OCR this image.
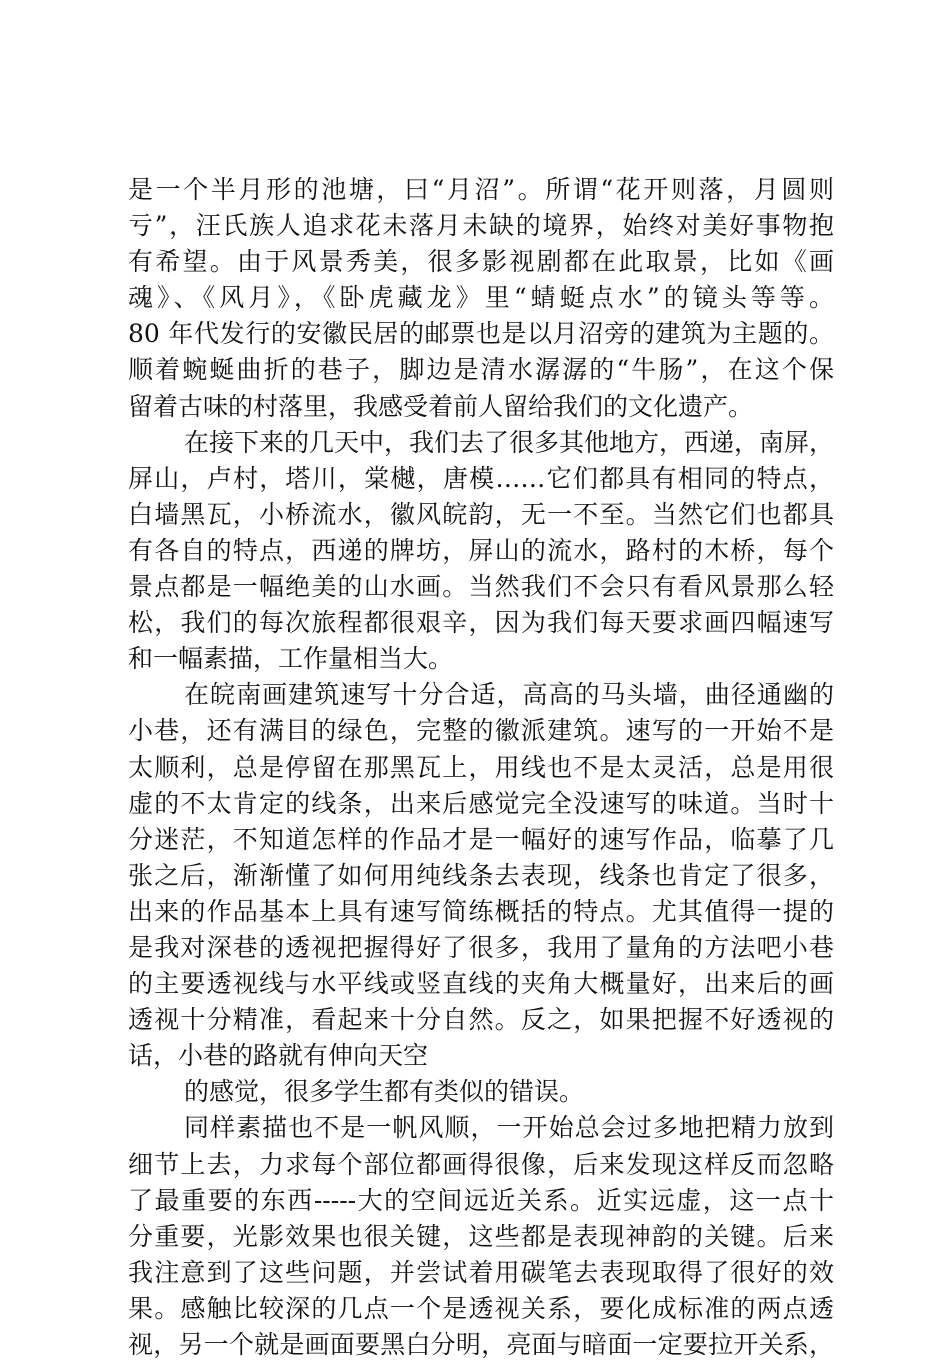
是一个半月形的池塘，曰“月沼”。所谓“花开则落，月圆则
亏”，汪氏族人追求花未落月未缺的境界，始终对美好事物抱
有希望。由于风景秀美，很多影视剧都在此取景，比如《画
魂》、《风月》，《卧虎藏龙》里“蜻蜓点水”的镜头等等。
80 年代发行的安徽民居的邮票也是以月沼旁的建筑为主题的。
顺着蜿蜒曲折的巷子，脚边是清水潺潺的“牛肠”，在这个保
留着古味的村落里，我感受着前人留给我们的文化遗产。
在接下来的几天中，我们去了很多其他地方，西递，南屏，
屏山，卢村，塔川，棠樾，唐模……它们都具有相同的特点，
白墙黑瓦，小桥流水，徽风皖韵，无一不至。当然它们也都具
有各自的特点，西递的牌坊，屏山的流水，路村的木桥，每个
景点都是一幅绝美的山水画。当然我们不会只有看风景那么轻
松，我们的每次旅程都很艰辛，因为我们每天要求画四幅速写
和一幅素描，工作量相当大。
在皖南画建筑速写十分合适，高高的马头墙，曲径通幽的
小巷，还有满目的绿色，完整的徽派建筑。速写的一开始不是
太顺利，总是停留在那黑瓦上，用线也不是太灵活，总是用很
虚的不太肯定的线条，出来后感觉完全没速写的味道。当时十
分迷茫，不知道怎样的作品才是一幅好的速写作品，临摹了几
张之后，渐渐懂了如何用纯线条去表现，线条也肯定了很多，
出来的作品基本上具有速写简练概括的特点。尤其值得一提的
是我对深巷的透视把握得好了很多，我用了量角的方法吧小巷
的主要透视线与水平线或竖直线的夹角大概量好，出来后的画
透视十分精准，看起来十分自然。反之，如果把握不好透视的
话，小巷的路就有伸向天空
的感觉，很多学生都有类似的错误。
同样素描也不是一帆风顺，一开始总会过多地把精力放到
细节上去，力求每个部位都画得很像，后来发现这样反而忽略
了最重要的东西-----大的空间远近关系。近实远虚，这一点十
分重要，光影效果也很关键，这些都是表现神韵的关键。后来
我注意到了这些问题，并尝试着用碳笔去表现取得了很好的效
果。感触比较深的几点一个是透视关系，要化成标准的两点透
视，另一个就是画面要黑白分明，亮面与暗面一定要拉开关系，
